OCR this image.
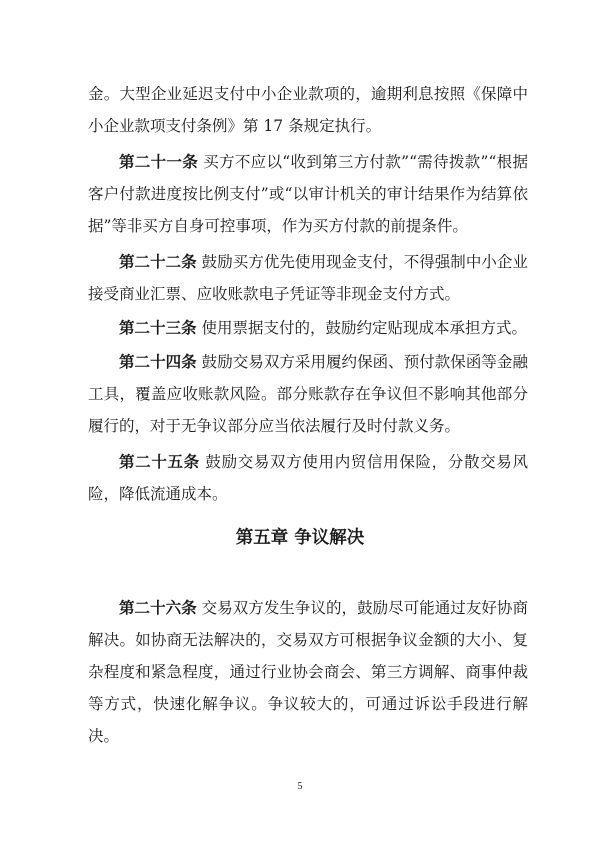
金。大型企业延迟支付中小企业款项的，逾期利息按照《保障中小企业款项支付条例》第 17 条规定执行。

第二十一条 买方不应以“收到第三方付款”“需待拨款”“根据客户付款进度按比例支付”或“以审计机关的审计结果作为结算依据”等非买方自身可控事项，作为买方付款的前提条件。

第二十二条 鼓励买方优先使用现金支付，不得强制中小企业接受商业汇票、应收账款电子凭证等非现金支付方式。

第二十三条 使用票据支付的，鼓励约定贴现成本承担方式。

第二十四条 鼓励交易双方采用履约保函、预付款保函等金融工具，覆盖应收账款风险。部分账款存在争议但不影响其他部分履行的，对于无争议部分应当依法履行及时付款义务。

第二十五条 鼓励交易双方使用内贸信用保险，分散交易风险，降低流通成本。

第五章 争议解决

第二十六条 交易双方发生争议的，鼓励尽可能通过友好协商解决。如协商无法解决的，交易双方可根据争议金额的大小、复杂程度和紧急程度，通过行业协会商会、第三方调解、商事仲裁等方式，快速化解争议。争议较大的，可通过诉讼手段进行解决。

5
